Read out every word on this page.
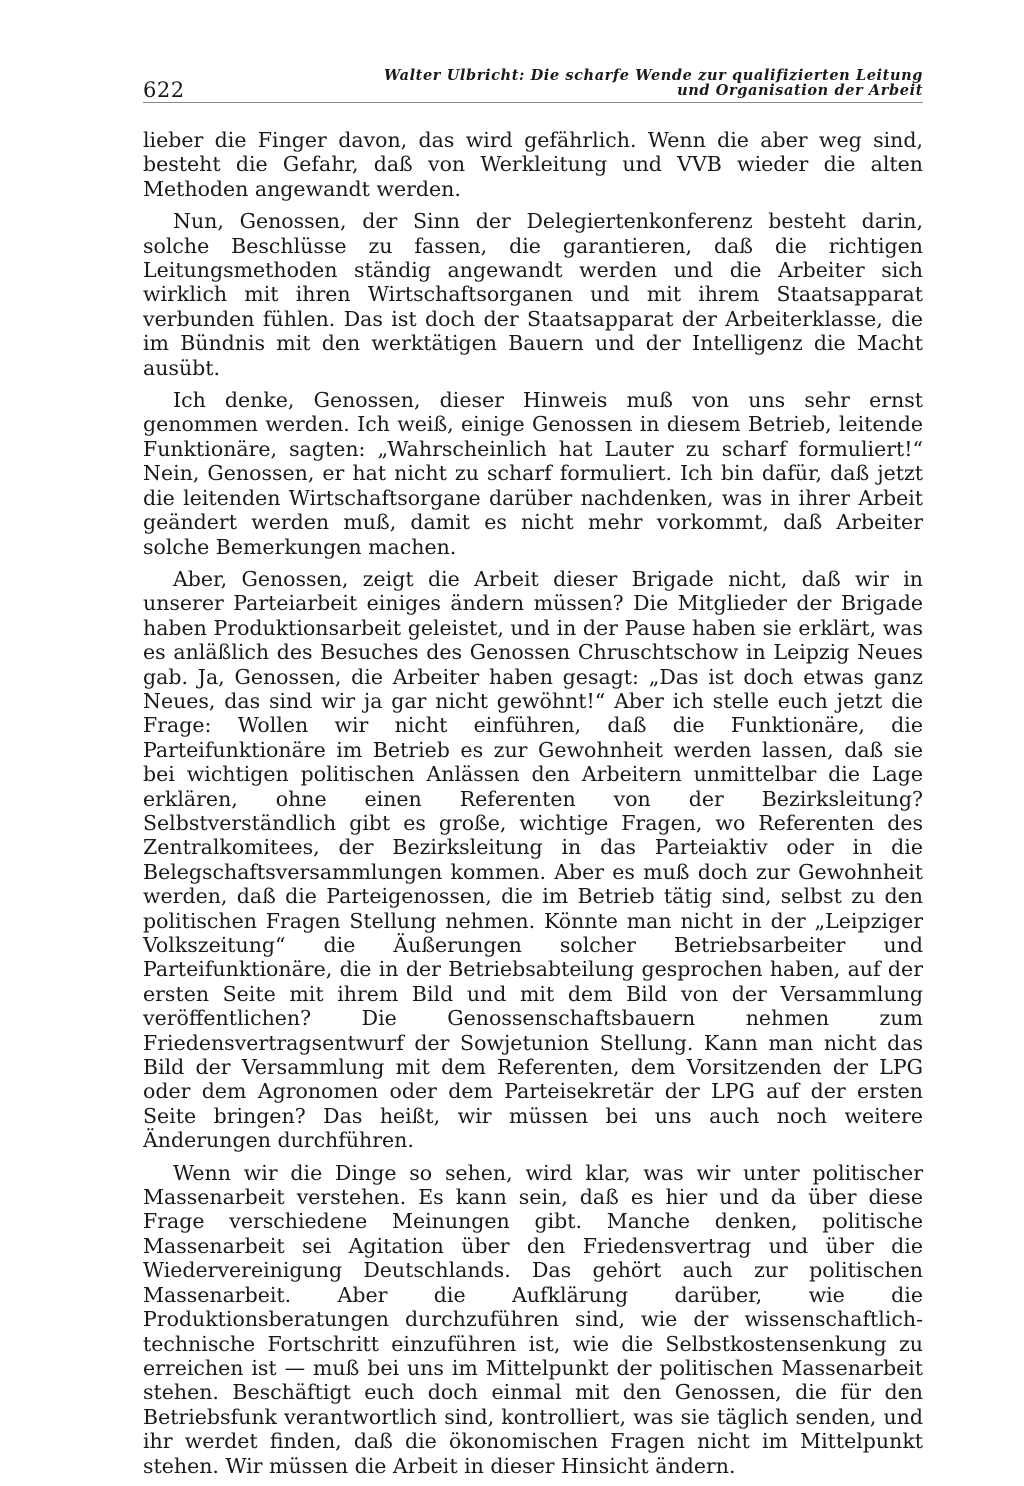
622
Walter Ulbricht: Die scharfe Wende zur qualifizierten Leitung
und Organisation der Arbeit

lieber die Finger davon, das wird gefährlich. Wenn die aber weg sind, besteht die Gefahr, daß von Werkleitung und VVB wieder die alten Methoden angewandt werden.

Nun, Genossen, der Sinn der Delegiertenkonferenz besteht darin, solche Beschlüsse zu fassen, die garantieren, daß die richtigen Leitungsmethoden ständig angewandt werden und die Arbeiter sich wirklich mit ihren Wirtschaftsorganen und mit ihrem Staatsapparat verbunden fühlen. Das ist doch der Staatsapparat der Arbeiterklasse, die im Bündnis mit den werktätigen Bauern und der Intelligenz die Macht ausübt.

Ich denke, Genossen, dieser Hinweis muß von uns sehr ernst genommen werden. Ich weiß, einige Genossen in diesem Betrieb, leitende Funktionäre, sagten: „Wahrscheinlich hat Lauter zu scharf formuliert!“ Nein, Genossen, er hat nicht zu scharf formuliert. Ich bin dafür, daß jetzt die leitenden Wirtschaftsorgane darüber nachdenken, was in ihrer Arbeit geändert werden muß, damit es nicht mehr vorkommt, daß Arbeiter solche Bemerkungen machen.

Aber, Genossen, zeigt die Arbeit dieser Brigade nicht, daß wir in unserer Parteiarbeit einiges ändern müssen? Die Mitglieder der Brigade haben Produktionsarbeit geleistet, und in der Pause haben sie erklärt, was es anläßlich des Besuches des Genossen Chruschtschow in Leipzig Neues gab. Ja, Genossen, die Arbeiter haben gesagt: „Das ist doch etwas ganz Neues, das sind wir ja gar nicht gewöhnt!“ Aber ich stelle euch jetzt die Frage: Wollen wir nicht einführen, daß die Funktionäre, die Parteifunktionäre im Betrieb es zur Gewohnheit werden lassen, daß sie bei wichtigen politischen Anlässen den Arbeitern unmittelbar die Lage erklären, ohne einen Referenten von der Bezirksleitung? Selbstverständlich gibt es große, wichtige Fragen, wo Referenten des Zentralkomitees, der Bezirksleitung in das Parteiaktiv oder in die Belegschaftsversammlungen kommen. Aber es muß doch zur Gewohnheit werden, daß die Parteigenossen, die im Betrieb tätig sind, selbst zu den politischen Fragen Stellung nehmen. Könnte man nicht in der „Leipziger Volkszeitung“ die Äußerungen solcher Betriebsarbeiter und Parteifunktionäre, die in der Betriebsabteilung gesprochen haben, auf der ersten Seite mit ihrem Bild und mit dem Bild von der Versammlung veröffentlichen? Die Genossenschaftsbauern nehmen zum Friedensvertragsentwurf der Sowjetunion Stellung. Kann man nicht das Bild der Versammlung mit dem Referenten, dem Vorsitzenden der LPG oder dem Agronomen oder dem Parteisekretär der LPG auf der ersten Seite bringen? Das heißt, wir müssen bei uns auch noch weitere Änderungen durchführen.

Wenn wir die Dinge so sehen, wird klar, was wir unter politischer Massenarbeit verstehen. Es kann sein, daß es hier und da über diese Frage verschiedene Meinungen gibt. Manche denken, politische Massenarbeit sei Agitation über den Friedensvertrag und über die Wiedervereinigung Deutschlands. Das gehört auch zur politischen Massenarbeit. Aber die Aufklärung darüber, wie die Produktionsberatungen durchzuführen sind, wie der wissenschaftlich-technische Fortschritt einzuführen ist, wie die Selbstkostensenkung zu erreichen ist — muß bei uns im Mittelpunkt der politischen Massenarbeit stehen. Beschäftigt euch doch einmal mit den Genossen, die für den Betriebsfunk verantwortlich sind, kontrolliert, was sie täglich senden, und ihr werdet finden, daß die ökonomischen Fragen nicht im Mittelpunkt stehen. Wir müssen die Arbeit in dieser Hinsicht ändern.
